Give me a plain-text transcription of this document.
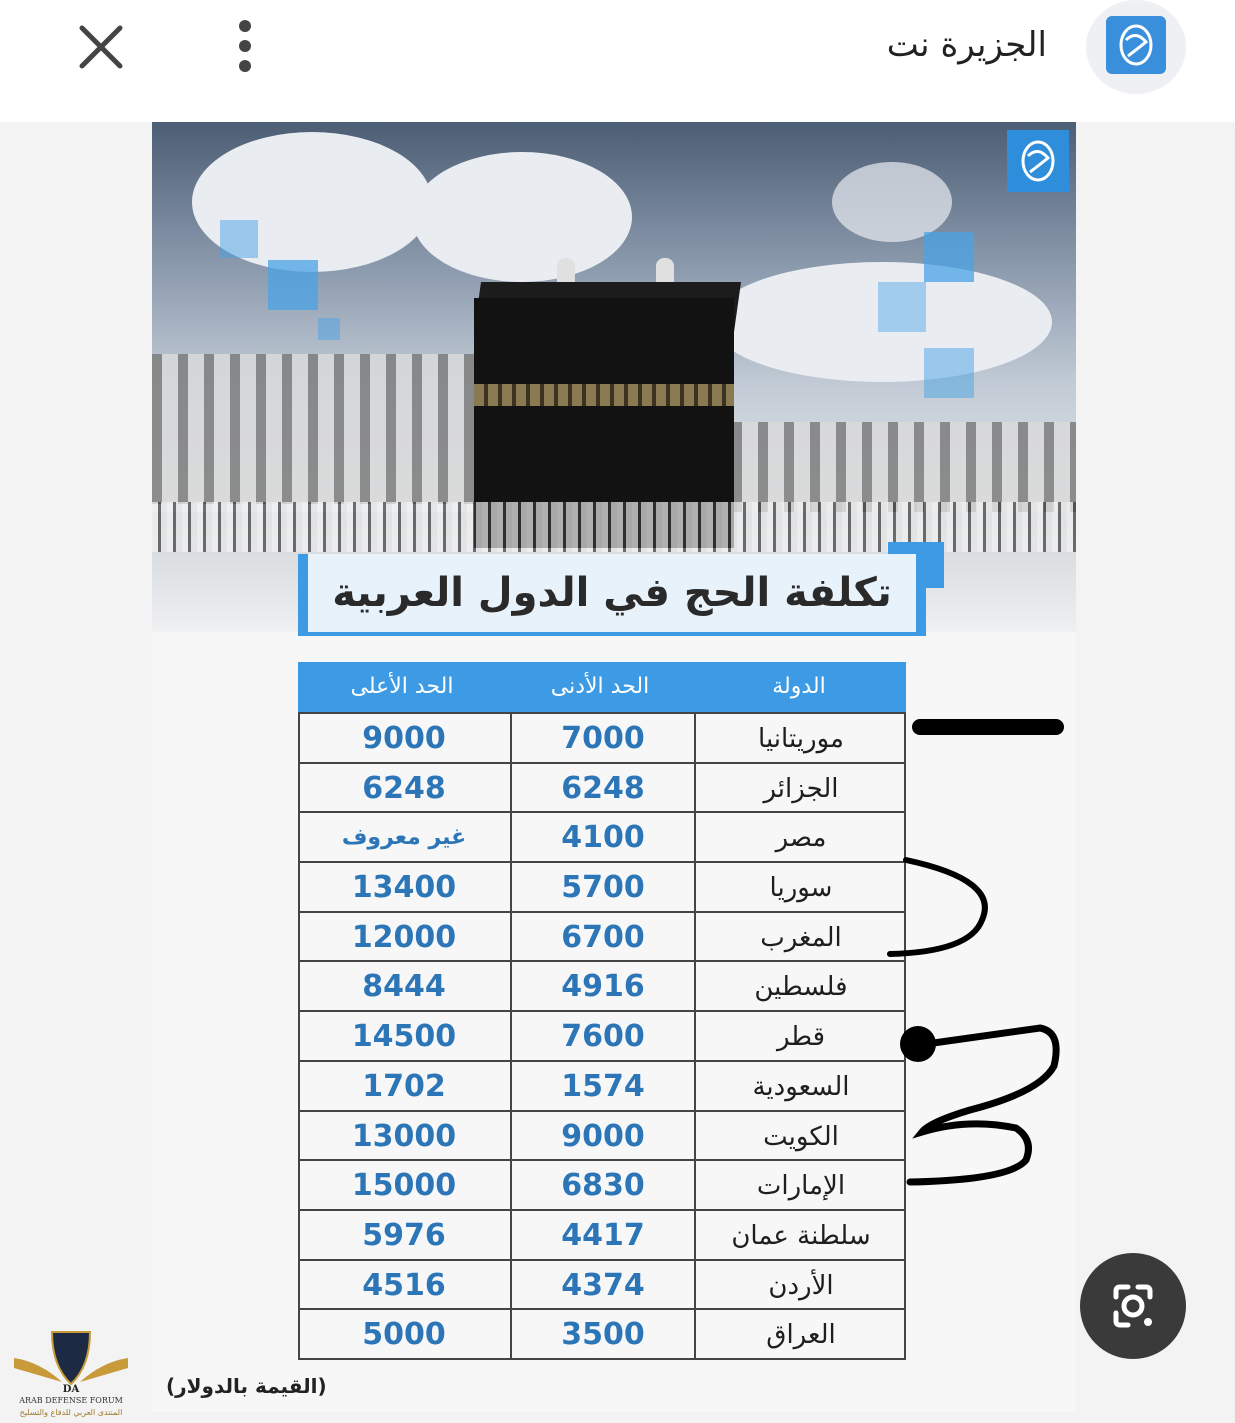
الجزيرة نت
تكلفة الحج في الدول العربية
الحد الأعلى	الحد الأدنى	الدولة
9000	7000	موريتانيا
6248	6248	الجزائر
غير معروف	4100	مصر
13400	5700	سوريا
12000	6700	المغرب
8444	4916	فلسطين
14500	7600	قطر
1702	1574	السعودية
13000	9000	الكويت
15000	6830	الإمارات
5976	4417	سلطنة عمان
4516	4374	الأردن
5000	3500	العراق
(القيمة بالدولار)
DA
ARAB DEFENSE FORUM
المنتدى العربي للدفاع والتسليح
